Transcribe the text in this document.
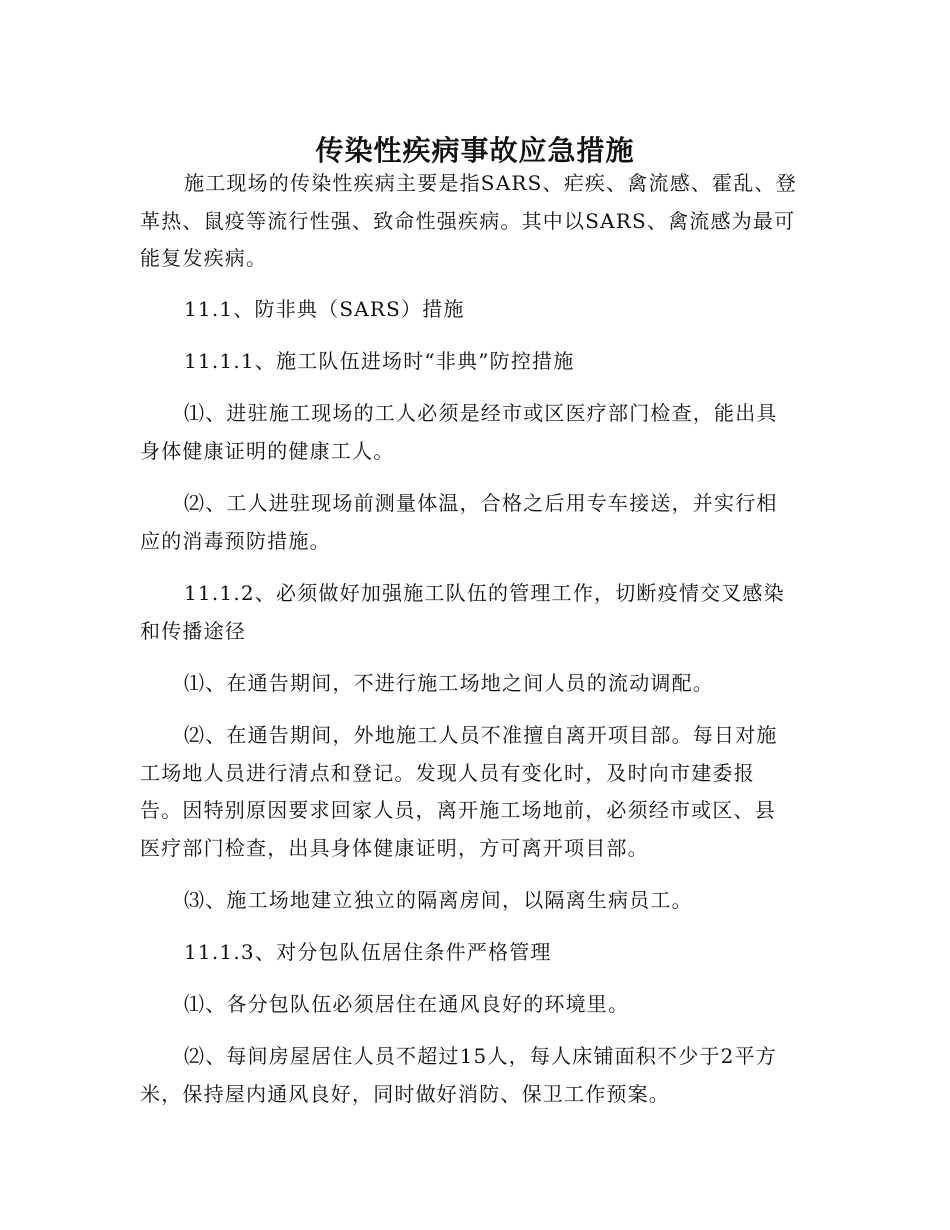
传染性疾病事故应急措施

施工现场的传染性疾病主要是指SARS、疟疾、禽流感、霍乱、登
革热、鼠疫等流行性强、致命性强疾病。其中以SARS、禽流感为最可
能复发疾病。

11.1、防非典（SARS）措施

11.1.1、施工队伍进场时“非典”防控措施

⑴、进驻施工现场的工人必须是经市或区医疗部门检查，能出具
身体健康证明的健康工人。

⑵、工人进驻现场前测量体温，合格之后用专车接送，并实行相
应的消毒预防措施。

11.1.2、必须做好加强施工队伍的管理工作，切断疫情交叉感染
和传播途径

⑴、在通告期间，不进行施工场地之间人员的流动调配。

⑵、在通告期间，外地施工人员不准擅自离开项目部。每日对施
工场地人员进行清点和登记。发现人员有变化时，及时向市建委报
告。因特别原因要求回家人员，离开施工场地前，必须经市或区、县
医疗部门检查，出具身体健康证明，方可离开项目部。

⑶、施工场地建立独立的隔离房间，以隔离生病员工。

11.1.3、对分包队伍居住条件严格管理

⑴、各分包队伍必须居住在通风良好的环境里。

⑵、每间房屋居住人员不超过15人，每人床铺面积不少于2平方
米，保持屋内通风良好，同时做好消防、保卫工作预案。
